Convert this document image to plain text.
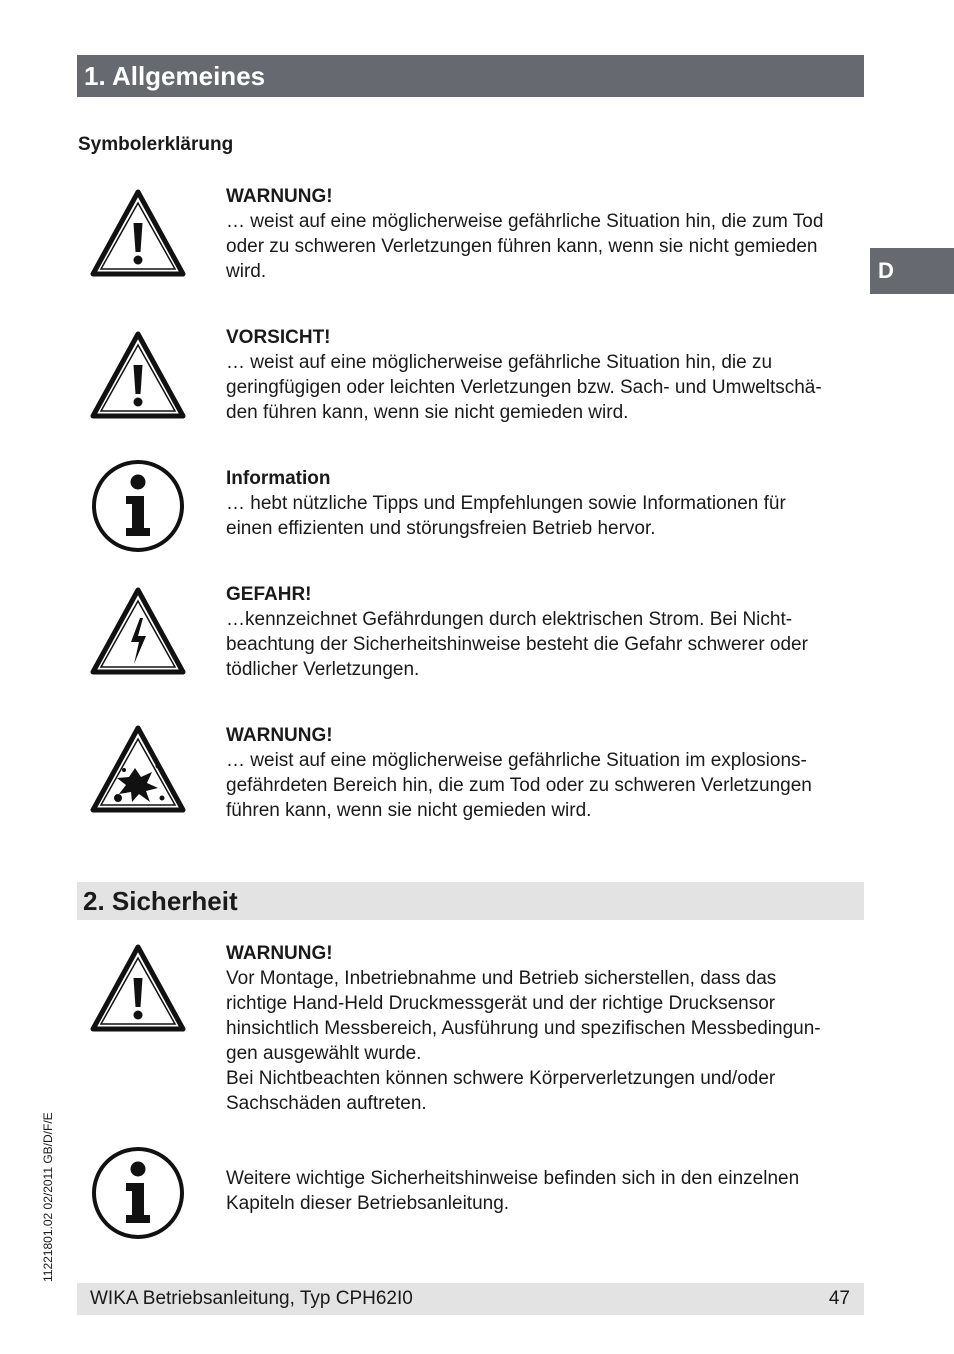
1. Allgemeines
Symbolerklärung
D
WARNUNG!
… weist auf eine möglicherweise gefährliche Situation hin, die zum Tod
oder zu schweren Verletzungen führen kann, wenn sie nicht gemieden
wird.
VORSICHT!
… weist auf eine möglicherweise gefährliche Situation hin, die zu
geringfügigen oder leichten Verletzungen bzw. Sach- und Umweltschä-
den führen kann, wenn sie nicht gemieden wird.
Information
… hebt nützliche Tipps und Empfehlungen sowie Informationen für
einen effizienten und störungsfreien Betrieb hervor.
GEFAHR!
…kennzeichnet Gefährdungen durch elektrischen Strom. Bei Nicht-
beachtung der Sicherheitshinweise besteht die Gefahr schwerer oder
tödlicher Verletzungen.
WARNUNG!
… weist auf eine möglicherweise gefährliche Situation im explosions-
gefährdeten Bereich hin, die zum Tod oder zu schweren Verletzungen
führen kann, wenn sie nicht gemieden wird.
2. Sicherheit
WARNUNG!
Vor Montage, Inbetriebnahme und Betrieb sicherstellen, dass das
richtige Hand-Held Druckmessgerät und der richtige Drucksensor
hinsichtlich Messbereich, Ausführung und spezifischen Messbedingun-
gen ausgewählt wurde.
Bei Nichtbeachten können schwere Körperverletzungen und/oder
Sachschäden auftreten.
Weitere wichtige Sicherheitshinweise befinden sich in den einzelnen
Kapiteln dieser Betriebsanleitung.
11221801.02 02/2011 GB/D/F/E
WIKA Betriebsanleitung, Typ CPH62I0	47
